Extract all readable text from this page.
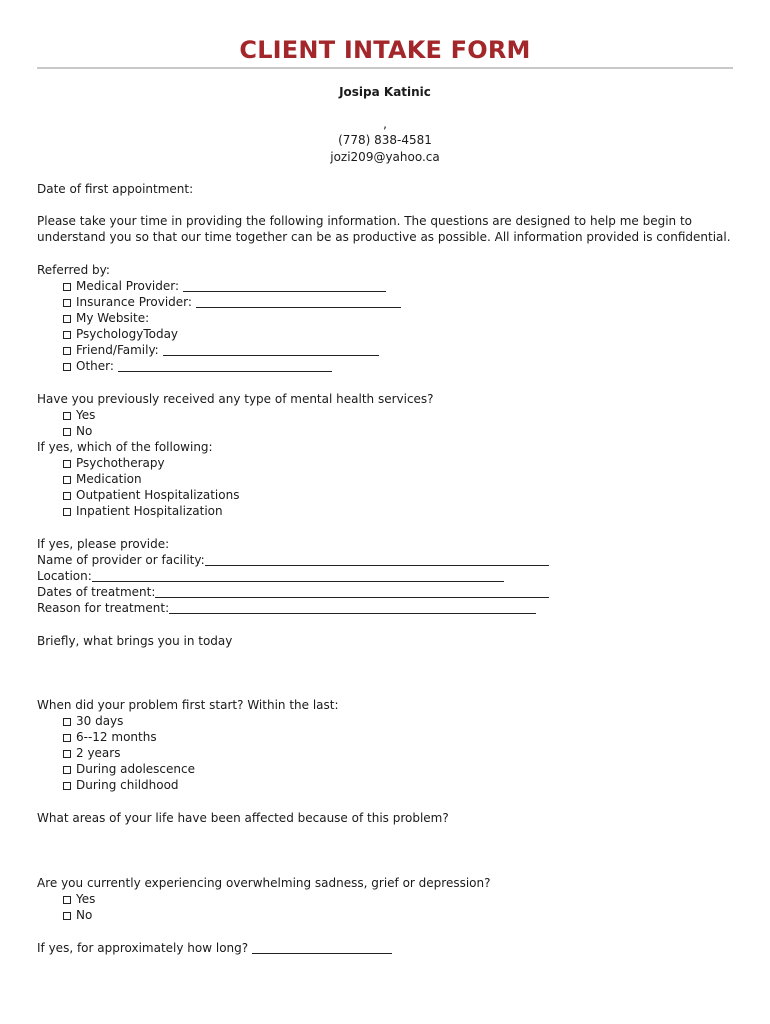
CLIENT INTAKE FORM
Josipa Katinic
,
(778) 838-4581
jozi209@yahoo.ca
Date of first appointment:
Please take your time in providing the following information. The questions are designed to help me begin to
understand you so that our time together can be as productive as possible. All information provided is confidential.
Referred by:
Medical Provider:
Insurance Provider:
My Website:
PsychologyToday
Friend/Family:
Other:
Have you previously received any type of mental health services?
Yes
No
If yes, which of the following:
Psychotherapy
Medication
Outpatient Hospitalizations
Inpatient Hospitalization
If yes, please provide:
Name of provider or facility:
Location:
Dates of treatment:
Reason for treatment:
Briefly, what brings you in today
When did your problem first start? Within the last:
30 days
6--12 months
2 years
During adolescence
During childhood
What areas of your life have been affected because of this problem?
Are you currently experiencing overwhelming sadness, grief or depression?
Yes
No
If yes, for approximately how long?
